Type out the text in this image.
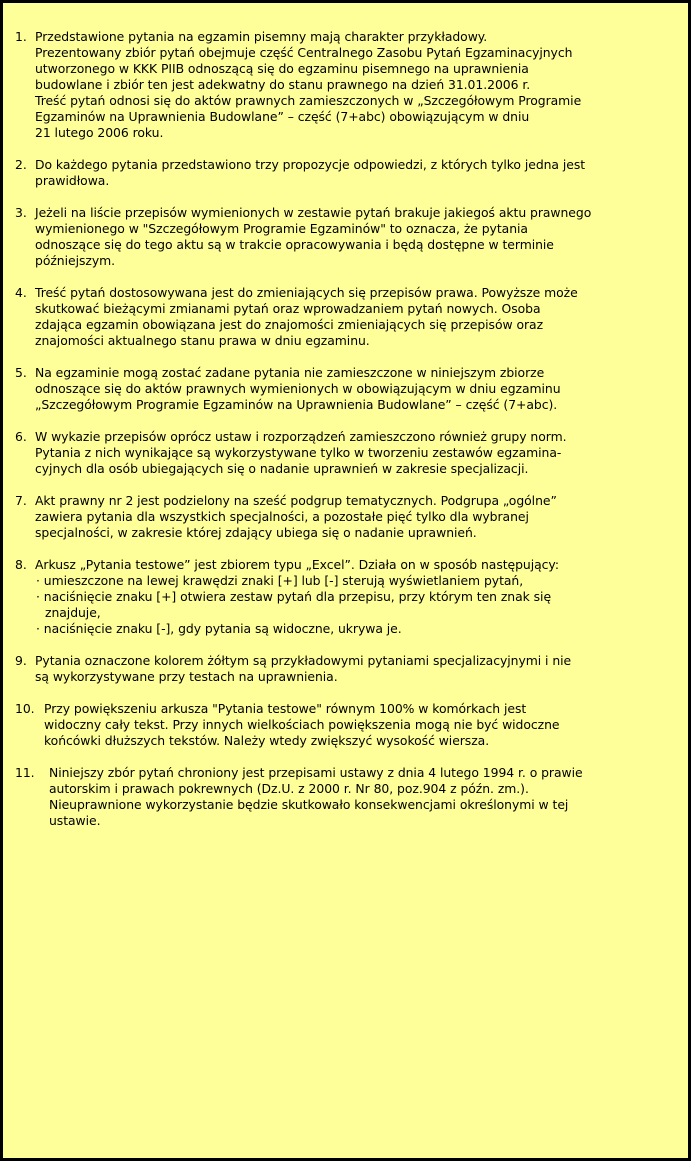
1. Przedstawione pytania na egzamin pisemny mają charakter przykładowy.
Prezentowany zbiór pytań obejmuje część Centralnego Zasobu Pytań Egzaminacyjnych
utworzonego w KKK PIIB odnoszącą się do egzaminu pisemnego na uprawnienia
budowlane i zbiór ten jest adekwatny do stanu prawnego na dzień 31.01.2006 r.
Treść pytań odnosi się do aktów prawnych zamieszczonych w „Szczegółowym Programie
Egzaminów na Uprawnienia Budowlane” – część (7+abc) obowiązującym w dniu
21 lutego 2006 roku.
2. Do każdego pytania przedstawiono trzy propozycje odpowiedzi, z których tylko jedna jest
prawidłowa.
3. Jeżeli na liście przepisów wymienionych w zestawie pytań brakuje jakiegoś aktu prawnego
wymienionego w "Szczegółowym Programie Egzaminów" to oznacza, że pytania
odnoszące się do tego aktu są w trakcie opracowywania i będą dostępne w terminie
późniejszym.
4. Treść pytań dostosowywana jest do zmieniających się przepisów prawa. Powyższe może
skutkować bieżącymi zmianami pytań oraz wprowadzaniem pytań nowych. Osoba
zdająca egzamin obowiązana jest do znajomości zmieniających się przepisów oraz
znajomości aktualnego stanu prawa w dniu egzaminu.
5. Na egzaminie mogą zostać zadane pytania nie zamieszczone w niniejszym zbiorze
odnoszące się do aktów prawnych wymienionych w obowiązującym w dniu egzaminu
„Szczegółowym Programie Egzaminów na Uprawnienia Budowlane” – część (7+abc).
6. W wykazie przepisów oprócz ustaw i rozporządzeń zamieszczono również grupy norm.
Pytania z nich wynikające są wykorzystywane tylko w tworzeniu zestawów egzamina-
cyjnych dla osób ubiegających się o nadanie uprawnień w zakresie specjalizacji.
7. Akt prawny nr 2 jest podzielony na sześć podgrup tematycznych. Podgrupa „ogólne”
zawiera pytania dla wszystkich specjalności, a pozostałe pięć tylko dla wybranej
specjalności, w zakresie której zdający ubiega się o nadanie uprawnień.
8. Arkusz „Pytania testowe” jest zbiorem typu „Excel”. Działa on w sposób następujący:
· umieszczone na lewej krawędzi znaki [+] lub [-] sterują wyświetlaniem pytań,
· naciśnięcie znaku [+] otwiera zestaw pytań dla przepisu, przy którym ten znak się
znajduje,
· naciśnięcie znaku [-], gdy pytania są widoczne, ukrywa je.
9. Pytania oznaczone kolorem żółtym są przykładowymi pytaniami specjalizacyjnymi i nie
są wykorzystywane przy testach na uprawnienia.
10. Przy powiększeniu arkusza "Pytania testowe" równym 100% w komórkach jest
widoczny cały tekst. Przy innych wielkościach powiększenia mogą nie być widoczne
końcówki dłuższych tekstów. Należy wtedy zwiększyć wysokość wiersza.
11. Niniejszy zbór pytań chroniony jest przepisami ustawy z dnia 4 lutego 1994 r. o prawie
autorskim i prawach pokrewnych (Dz.U. z 2000 r. Nr 80, poz.904 z późn. zm.).
Nieuprawnione wykorzystanie będzie skutkowało konsekwencjami określonymi w tej
ustawie.
